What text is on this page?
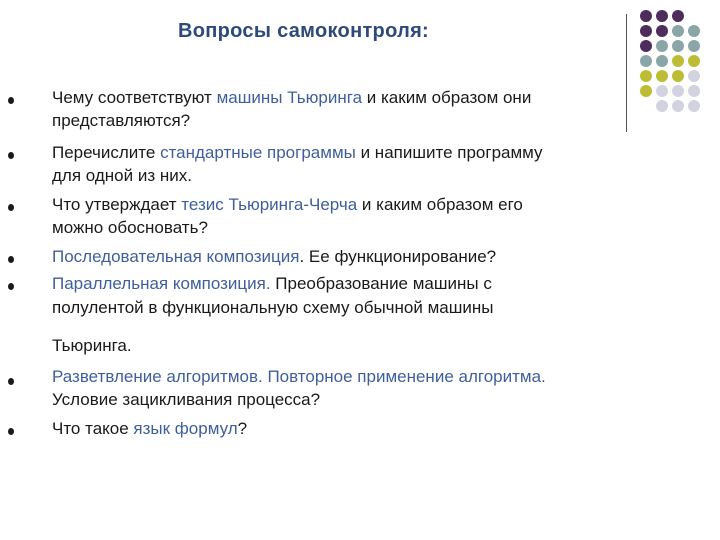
Вопросы самоконтроля:
Чему соответствуют машины Тьюринга и каким образом они
представляются?
Перечислите стандартные программы и напишите программу
для одной из них.
Что утверждает тезис Тьюринга-Черча и каким образом его
можно обосновать?
Последовательная композиция. Ее функционирование?
Параллельная композиция. Преобразование машины с
полулентой в функциональную схему обычной машины
Тьюринга.
Разветвление алгоритмов. Повторное применение алгоритма.
Условие зацикливания процесса?
Что такое язык формул?
